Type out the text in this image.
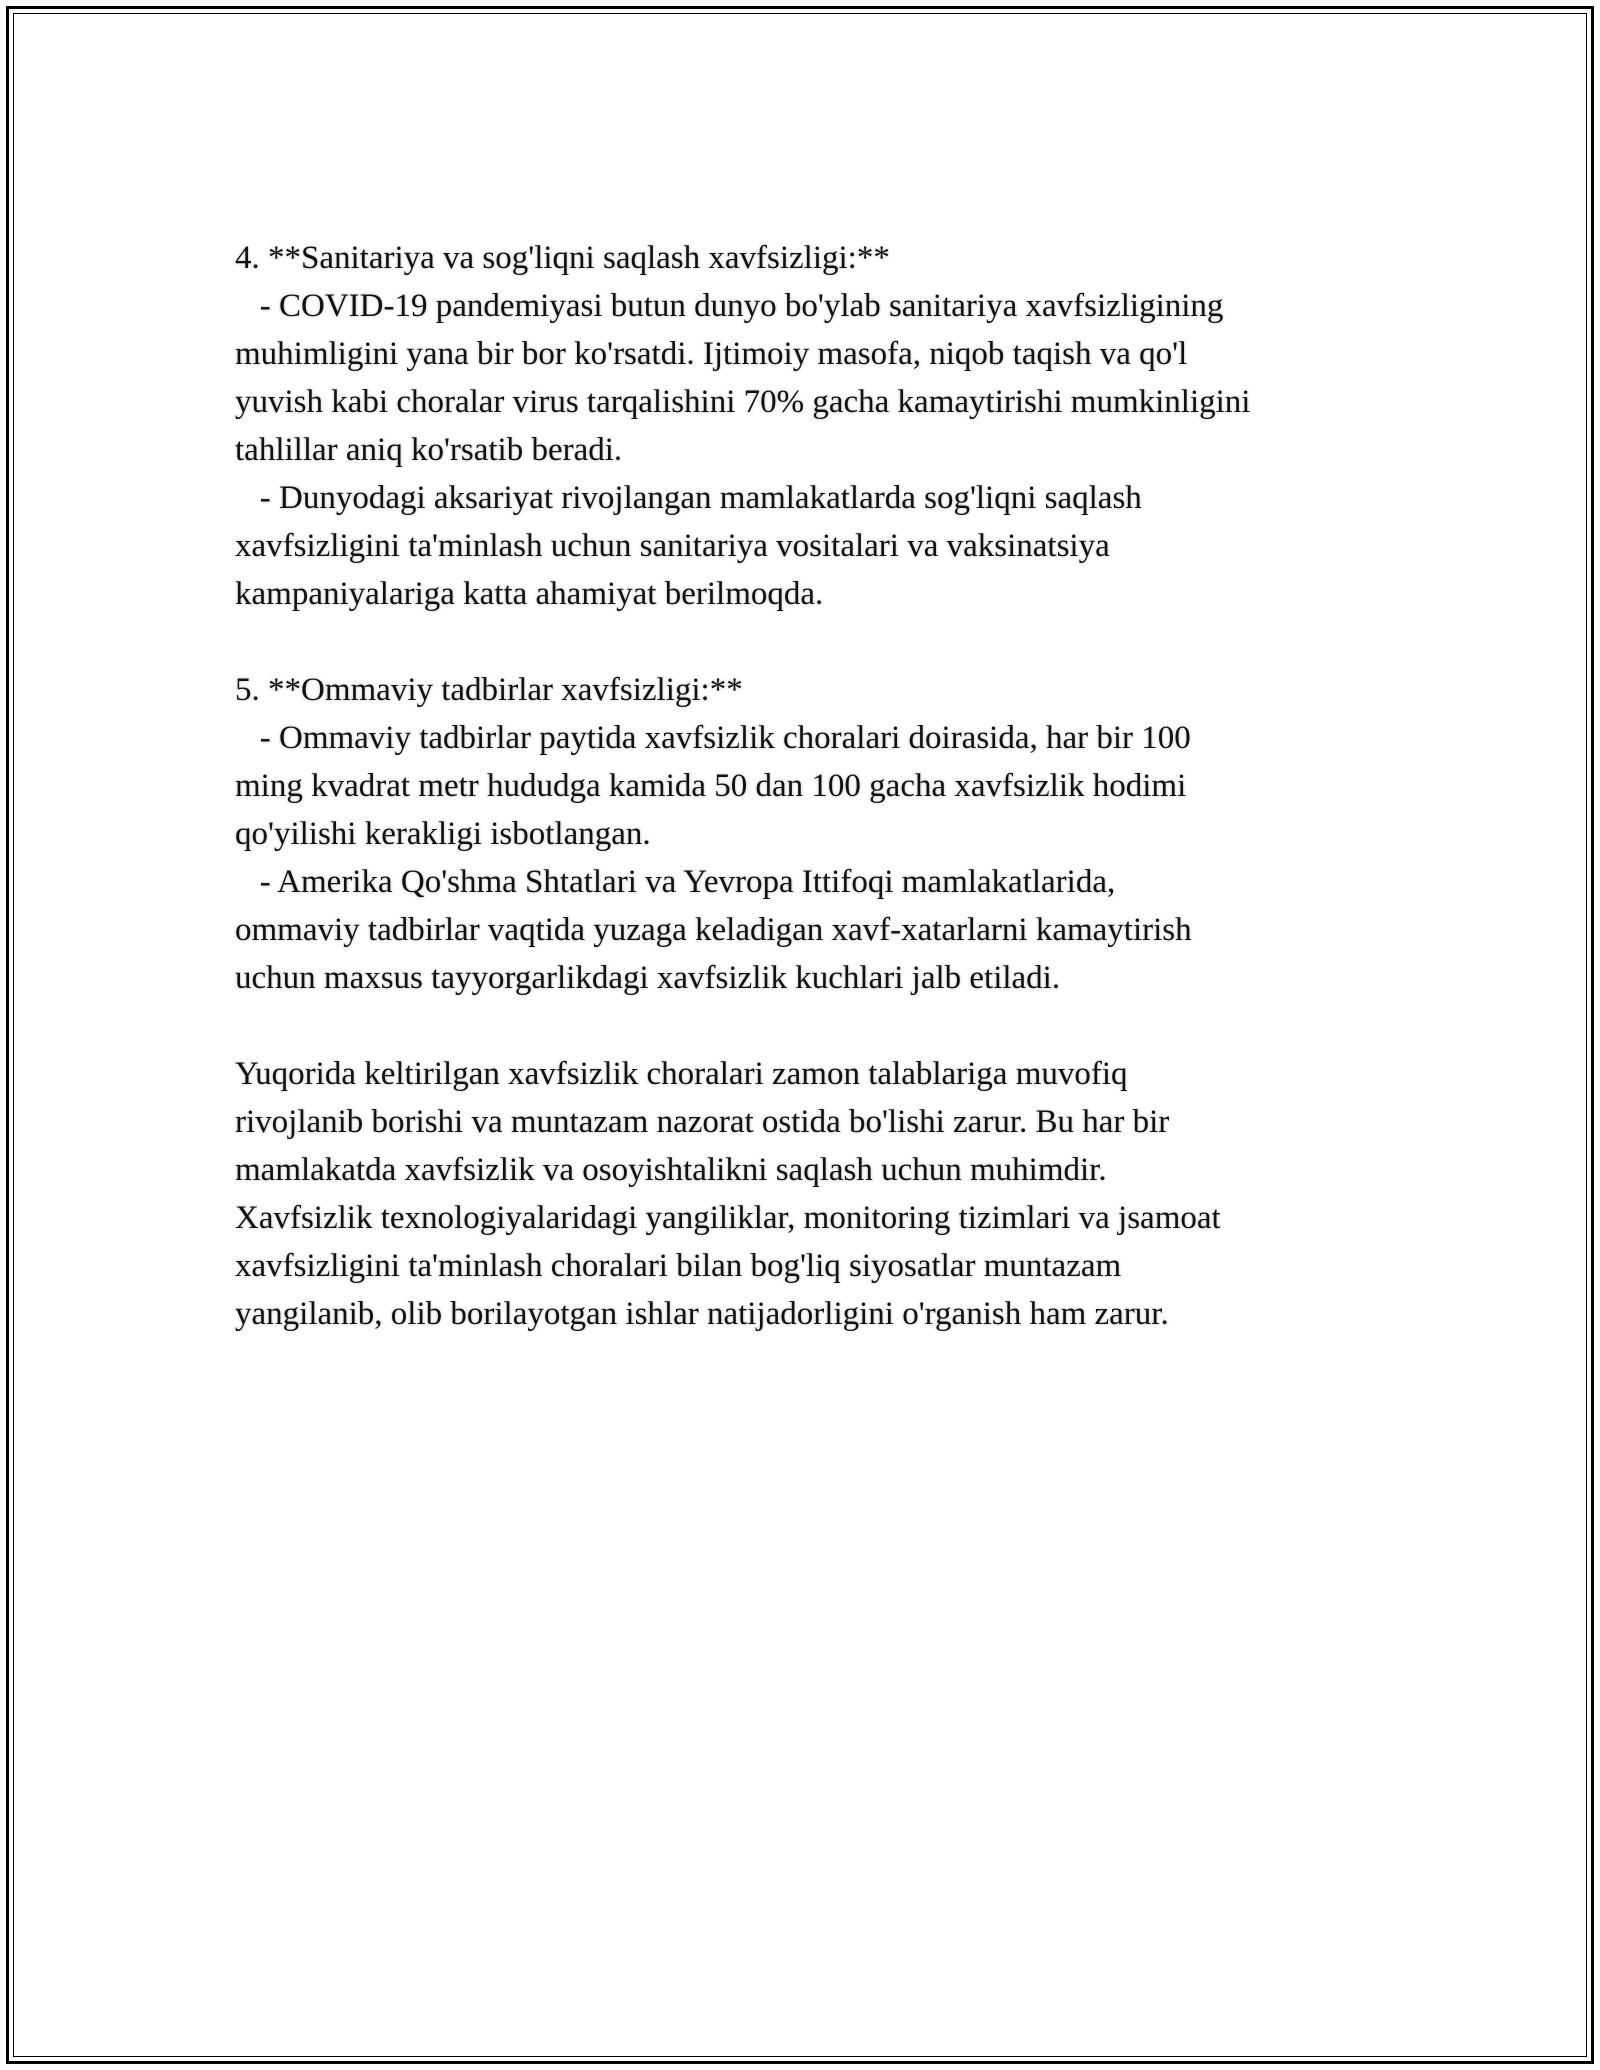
4. **Sanitariya va sog'liqni saqlash xavfsizligi:**
- COVID-19 pandemiyasi butun dunyo bo'ylab sanitariya xavfsizligining
muhimligini yana bir bor ko'rsatdi. Ijtimoiy masofa, niqob taqish va qo'l
yuvish kabi choralar virus tarqalishini 70% gacha kamaytirishi mumkinligini
tahlillar aniq ko'rsatib beradi.
- Dunyodagi aksariyat rivojlangan mamlakatlarda sog'liqni saqlash
xavfsizligini ta'minlash uchun sanitariya vositalari va vaksinatsiya
kampaniyalariga katta ahamiyat berilmoqda.
5. **Ommaviy tadbirlar xavfsizligi:**
- Ommaviy tadbirlar paytida xavfsizlik choralari doirasida, har bir 100
ming kvadrat metr hududga kamida 50 dan 100 gacha xavfsizlik hodimi
qo'yilishi kerakligi isbotlangan.
- Amerika Qo'shma Shtatlari va Yevropa Ittifoqi mamlakatlarida,
ommaviy tadbirlar vaqtida yuzaga keladigan xavf-xatarlarni kamaytirish
uchun maxsus tayyorgarlikdagi xavfsizlik kuchlari jalb etiladi.
Yuqorida keltirilgan xavfsizlik choralari zamon talablariga muvofiq
rivojlanib borishi va muntazam nazorat ostida bo'lishi zarur. Bu har bir
mamlakatda xavfsizlik va osoyishtalikni saqlash uchun muhimdir.
Xavfsizlik texnologiyalaridagi yangiliklar, monitoring tizimlari va jsamoat
xavfsizligini ta'minlash choralari bilan bog'liq siyosatlar muntazam
yangilanib, olib borilayotgan ishlar natijadorligini o'rganish ham zarur.
